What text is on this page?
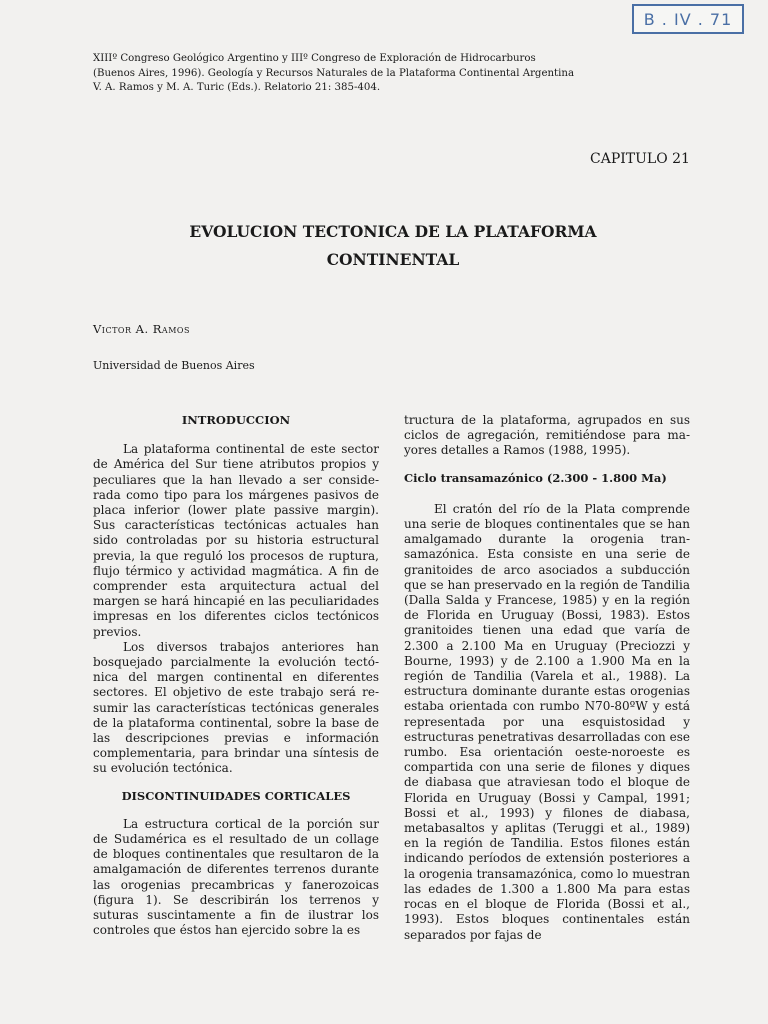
B . IV . 71
XIIIº Congreso Geológico Argentino y IIIº Congreso de Exploración de Hidrocarburos
(Buenos Aires, 1996). Geología y Recursos Naturales de la Plataforma Continental Argentina
V. A. Ramos y M. A. Turic (Eds.). Relatorio 21: 385-404.
CAPITULO 21
EVOLUCION TECTONICA DE LA PLATAFORMA
CONTINENTAL
Victor A. Ramos
Universidad de Buenos Aires
INTRODUCCION

La plataforma continental de este sector de América del Sur tiene atributos propios y peculiares que la han llevado a ser considerada como tipo para los márgenes pasivos de placa inferior (lower plate passive margin). Sus características tectónicas actuales han sido controladas por su historia estructural previa, la que reguló los procesos de ruptura, flujo térmico y actividad magmática. A fin de comprender esta arquitectura actual del margen se hará hincapié en las peculiaridades impresas en los diferentes ciclos tectónicos previos.

Los diversos trabajos anteriores han bosquejado parcialmente la evolución tectónica del margen continental en diferentes sectores. El objetivo de este trabajo será resumir las características tectónicas generales de la plataforma continental, sobre la base de las descripciones previas e información complementaria, para brindar una síntesis de su evolución tectónica.

DISCONTINUIDADES CORTICALES

La estructura cortical de la porción sur de Sudamérica es el resultado de un collage de bloques continentales que resultaron de la amalgamación de diferentes terrenos durante las orogenias precambricas y fanerozoicas (figura 1). Se describirán los terrenos y suturas suscintamente a fin de ilustrar los controles que éstos han ejercido sobre la es

tructura de la plataforma, agrupados en sus ciclos de agregación, remitiéndose para mayores detalles a Ramos (1988, 1995).

Ciclo transamazónico (2.300 - 1.800 Ma)

El cratón del río de la Plata comprende una serie de bloques continentales que se han amalgamado durante la orogenia transamazónica. Esta consiste en una serie de granitoides de arco asociados a subducción que se han preservado en la región de Tandilia (Dalla Salda y Francese, 1985) y en la región de Florida en Uruguay (Bossi, 1983). Estos granitoides tienen una edad que varía de 2.300 a 2.100 Ma en Uruguay (Preciozzi y Bourne, 1993) y de 2.100 a 1.900 Ma en la región de Tandilia (Varela et al., 1988). La estructura dominante durante estas orogenias estaba orientada con rumbo N70-80ºW y está representada por una esquistosidad y estructuras penetrativas desarrolladas con ese rumbo. Esa orientación oeste-noroeste es compartida con una serie de filones y diques de diabasa que atraviesan todo el bloque de Florida en Uruguay (Bossi y Campal, 1991; Bossi et al., 1993) y filones de diabasa, metabasaltos y aplitas (Teruggi et al., 1989) en la región de Tandilia. Estos filones están indicando períodos de extensión posteriores a la orogenia transamazónica, como lo muestran las edades de 1.300 a 1.800 Ma para estas rocas en el bloque de Florida (Bossi et al., 1993). Estos bloques continentales están separados por fajas de
